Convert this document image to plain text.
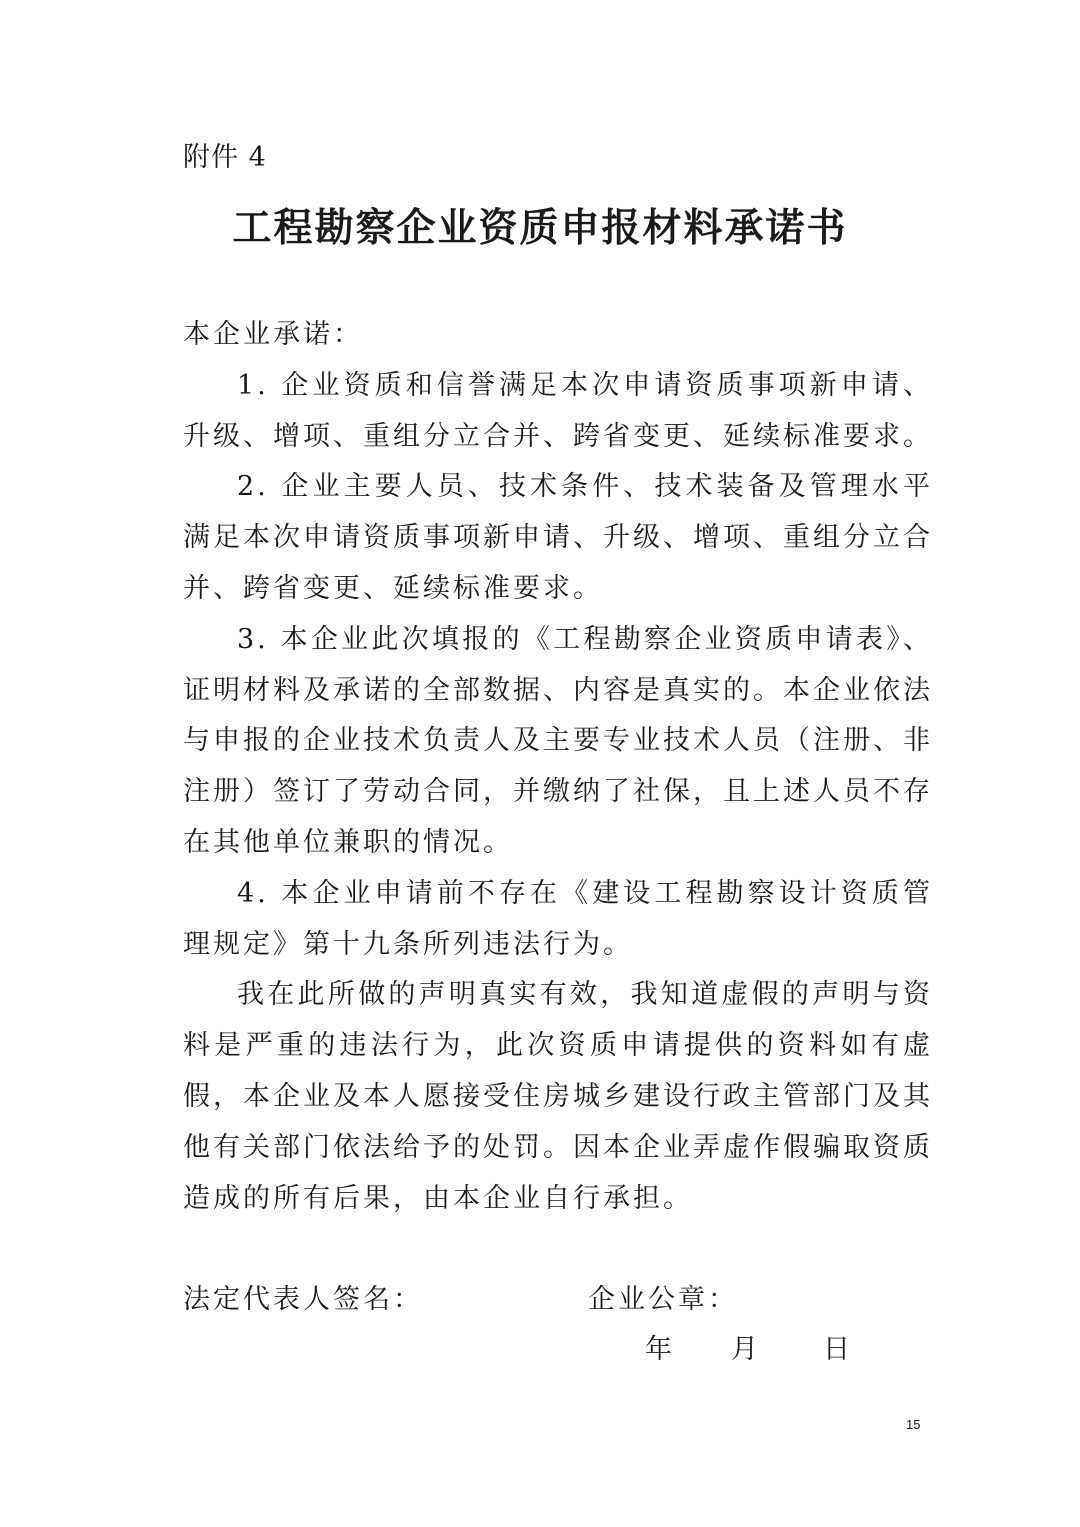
附件 4
工程勘察企业资质申报材料承诺书

本企业承诺：

1. 企业资质和信誉满足本次申请资质事项新申请、升级、增项、重组分立合并、跨省变更、延续标准要求。

2. 企业主要人员、技术条件、技术装备及管理水平满足本次申请资质事项新申请、升级、增项、重组分立合并、跨省变更、延续标准要求。

3. 本企业此次填报的《工程勘察企业资质申请表》、证明材料及承诺的全部数据、内容是真实的。本企业依法与申报的企业技术负责人及主要专业技术人员（注册、非注册）签订了劳动合同，并缴纳了社保，且上述人员不存在其他单位兼职的情况。

4. 本企业申请前不存在《建设工程勘察设计资质管理规定》第十九条所列违法行为。

我在此所做的声明真实有效，我知道虚假的声明与资料是严重的违法行为，此次资质申请提供的资料如有虚假，本企业及本人愿接受住房城乡建设行政主管部门及其他有关部门依法给予的处罚。因本企业弄虚作假骗取资质造成的所有后果，由本企业自行承担。

法定代表人签名：	企业公章：
年 月 日
15
